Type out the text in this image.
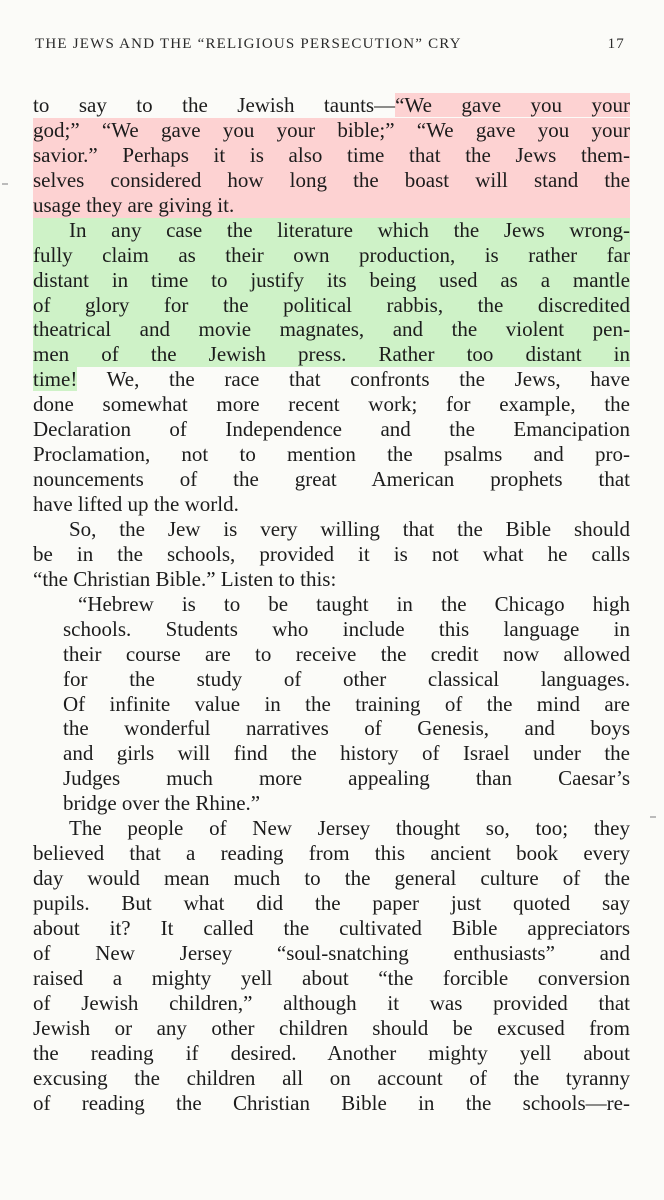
THE JEWS AND THE “RELIGIOUS PERSECUTION” CRY	17
to say to the Jewish taunts—“We gave you your
god;” “We gave you your bible;” “We gave you your
savior.” Perhaps it is also time that the Jews them-
selves considered how long the boast will stand the
usage they are giving it.
In any case the literature which the Jews wrong-
fully claim as their own production, is rather far
distant in time to justify its being used as a mantle
of glory for the political rabbis, the discredited
theatrical and movie magnates, and the violent pen-
men of the Jewish press. Rather too distant in
time! We, the race that confronts the Jews, have
done somewhat more recent work; for example, the
Declaration of Independence and the Emancipation
Proclamation, not to mention the psalms and pro-
nouncements of the great American prophets that
have lifted up the world.
So, the Jew is very willing that the Bible should
be in the schools, provided it is not what he calls
“the Christian Bible.” Listen to this:
“Hebrew is to be taught in the Chicago high
schools. Students who include this language in
their course are to receive the credit now allowed
for the study of other classical languages.
Of infinite value in the training of the mind are
the wonderful narratives of Genesis, and boys
and girls will find the history of Israel under the
Judges much more appealing than Caesar’s
bridge over the Rhine.”
The people of New Jersey thought so, too; they
believed that a reading from this ancient book every
day would mean much to the general culture of the
pupils. But what did the paper just quoted say
about it? It called the cultivated Bible appreciators
of New Jersey “soul-snatching enthusiasts” and
raised a mighty yell about “the forcible conversion
of Jewish children,” although it was provided that
Jewish or any other children should be excused from
the reading if desired. Another mighty yell about
excusing the children all on account of the tyranny
of reading the Christian Bible in the schools—re-
